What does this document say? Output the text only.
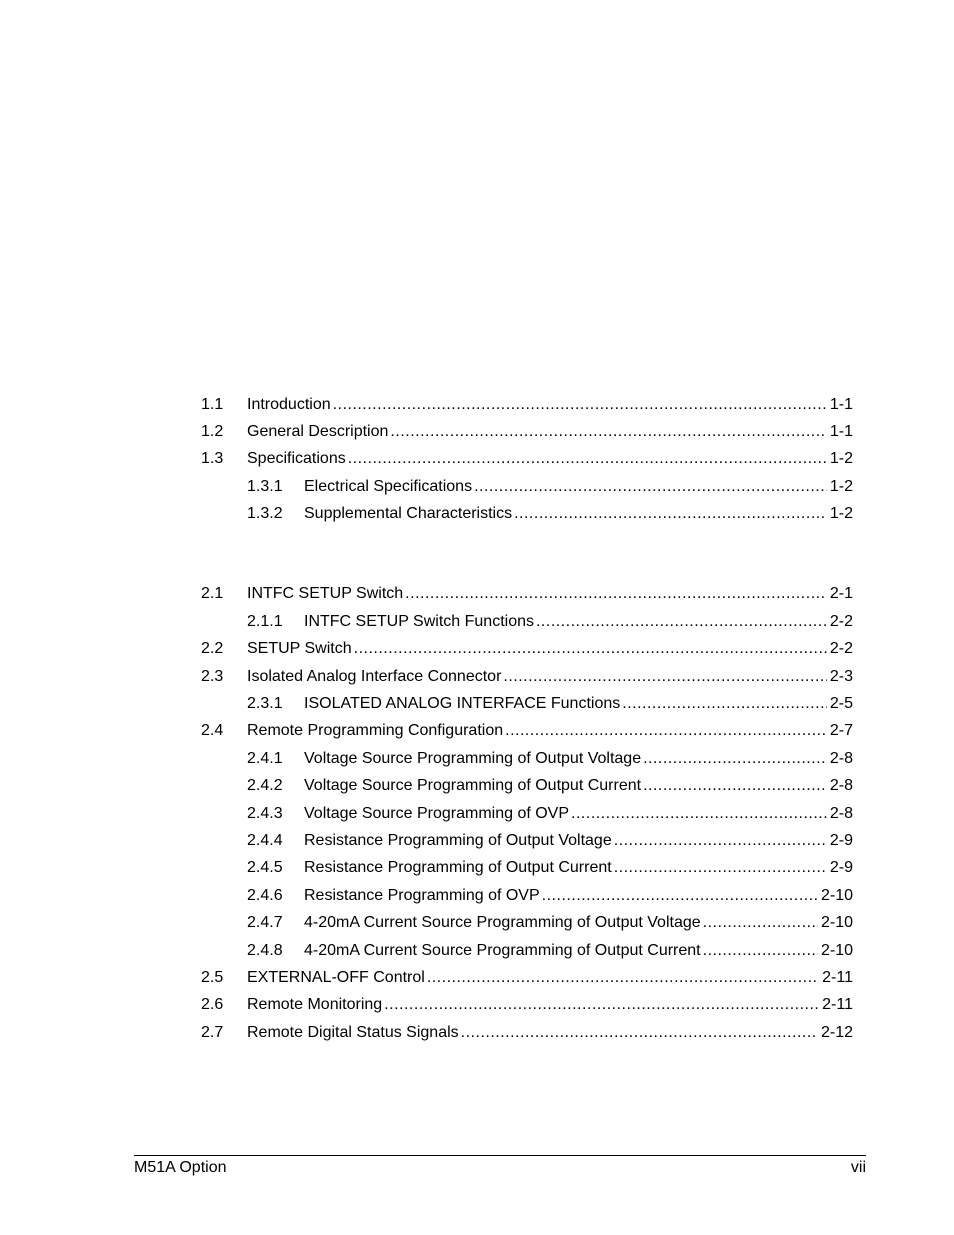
1.1	Introduction .....	1-1
1.2	General Description .....	1-1
1.3	Specifications .....	1-2
1.3.1	Electrical Specifications .....	1-2
1.3.2	Supplemental Characteristics .....	1-2
2.1	INTFC SETUP Switch .....	2-1
2.1.1	INTFC SETUP Switch Functions .....	2-2
2.2	SETUP Switch .....	2-2
2.3	Isolated Analog Interface Connector .....	2-3
2.3.1	ISOLATED ANALOG INTERFACE Functions .....	2-5
2.4	Remote Programming Configuration .....	2-7
2.4.1	Voltage Source Programming of Output Voltage .....	2-8
2.4.2	Voltage Source Programming of Output Current .....	2-8
2.4.3	Voltage Source Programming of OVP .....	2-8
2.4.4	Resistance Programming of Output Voltage .....	2-9
2.4.5	Resistance Programming of Output Current .....	2-9
2.4.6	Resistance Programming of OVP .....	2-10
2.4.7	4-20mA Current Source Programming of Output Voltage .....	2-10
2.4.8	4-20mA Current Source Programming of Output Current .....	2-10
2.5	EXTERNAL-OFF Control .....	2-11
2.6	Remote Monitoring .....	2-11
2.7	Remote Digital Status Signals .....	2-12
M51A Option	vii
